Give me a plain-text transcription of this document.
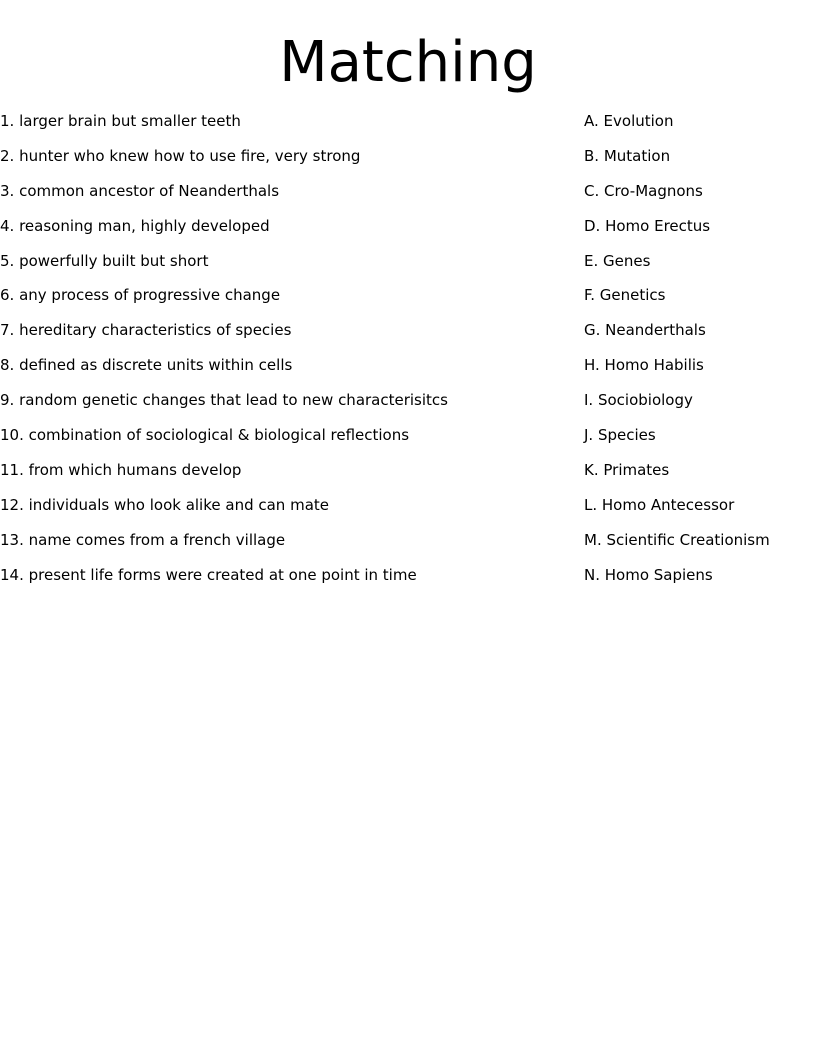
Matching
1. larger brain but smaller teeth
2. hunter who knew how to use fire, very strong
3. common ancestor of Neanderthals
4. reasoning man, highly developed
5. powerfully built but short
6. any process of progressive change
7. hereditary characteristics of species
8. defined as discrete units within cells
9. random genetic changes that lead to new characterisitcs
10. combination of sociological & biological reflections
11. from which humans develop
12. individuals who look alike and can mate
13. name comes from a french village
14. present life forms were created at one point in time
A. Evolution
B. Mutation
C. Cro-Magnons
D. Homo Erectus
E. Genes
F. Genetics
G. Neanderthals
H. Homo Habilis
I. Sociobiology
J. Species
K. Primates
L. Homo Antecessor
M. Scientific Creationism
N. Homo Sapiens
